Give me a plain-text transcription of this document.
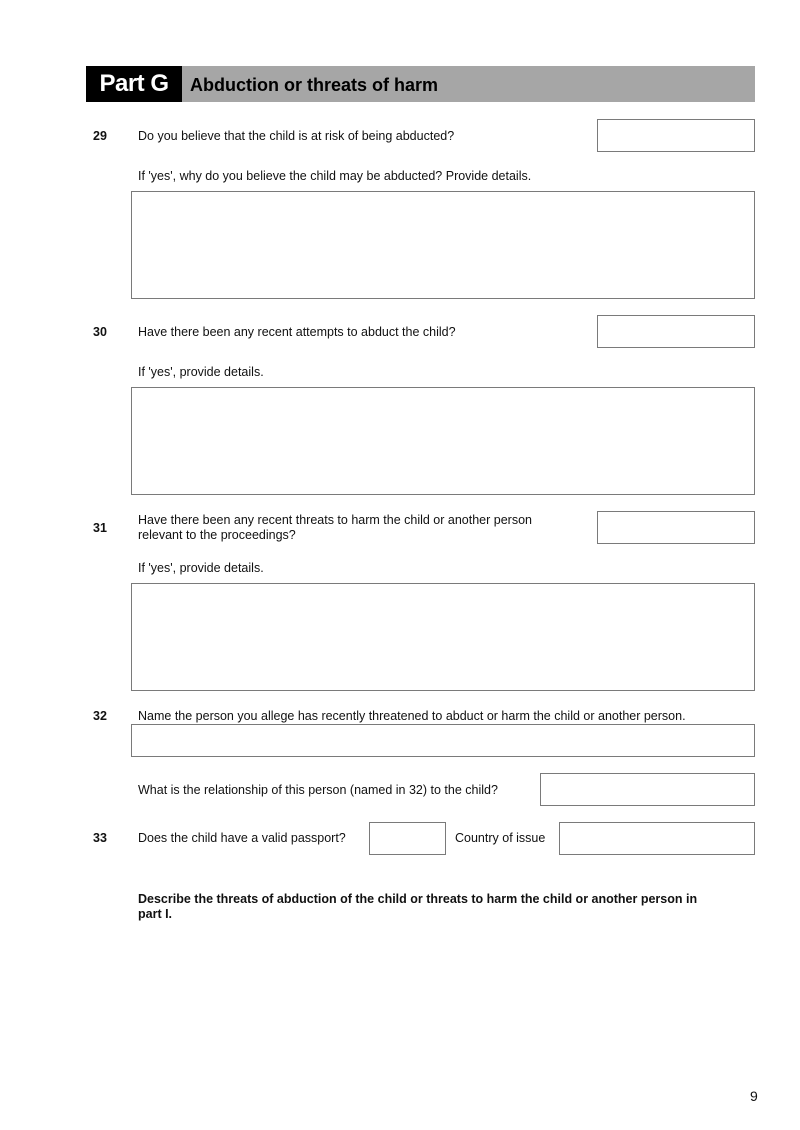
Part G	Abduction or threats of harm
29 Do you believe that the child is at risk of being abducted?
If 'yes', why do you believe the child may be abducted? Provide details.
30 Have there been any recent attempts to abduct the child?
If 'yes', provide details.
31
Have there been any recent threats to harm the child or another person
relevant to the proceedings?
If 'yes', provide details.
32 Name the person you allege has recently threatened to abduct or harm the child or another person.
What is the relationship of this person (named in 32) to the child?
33 Does the child have a valid passport?	Country of issue
Describe the threats of abduction of the child or threats to harm the child or another person in
part I.
9
